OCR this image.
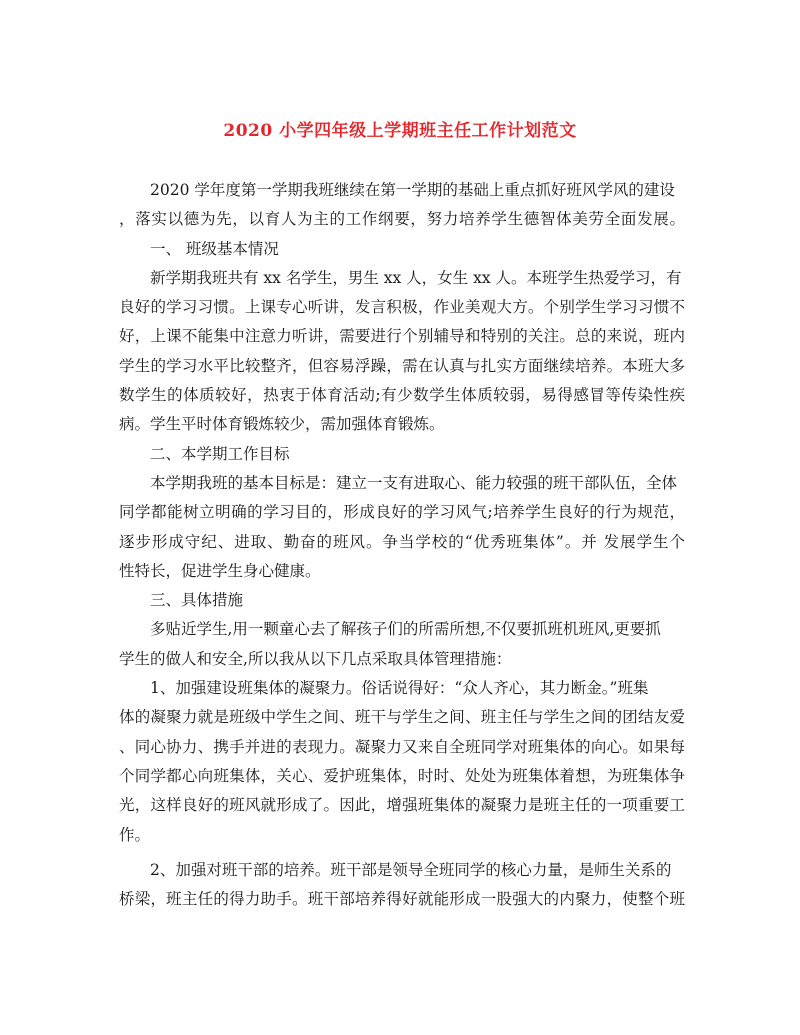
2020 小学四年级上学期班主任工作计划范文
2020 学年度第一学期我班继续在第一学期的基础上重点抓好班风学风的建设
，落实以德为先，以育人为主的工作纲要，努力培养学生德智体美劳全面发展。
一、 班级基本情况
新学期我班共有 xx 名学生，男生 xx 人，女生 xx 人。本班学生热爱学习，有
良好的学习习惯。上课专心听讲，发言积极，作业美观大方。个别学生学习习惯不
好，上课不能集中注意力听讲，需要进行个别辅导和特别的关注。总的来说，班内
学生的学习水平比较整齐，但容易浮躁，需在认真与扎实方面继续培养。本班大多
数学生的体质较好，热衷于体育活动;有少数学生体质较弱，易得感冒等传染性疾
病。学生平时体育锻炼较少，需加强体育锻炼。
二、本学期工作目标
本学期我班的基本目标是：建立一支有进取心、能力较强的班干部队伍，全体
同学都能树立明确的学习目的，形成良好的学习风气;培养学生良好的行为规范，
逐步形成守纪、进取、勤奋的班风。争当学校的“优秀班集体”。并 发展学生个
性特长，促进学生身心健康。
三、具体措施
多贴近学生,用一颗童心去了解孩子们的所需所想,不仅要抓班机班风,更要抓
学生的做人和安全,所以我从以下几点采取具体管理措施：
1、加强建设班集体的凝聚力。俗话说得好：“众人齐心，其力断金。”班集
体的凝聚力就是班级中学生之间、班干与学生之间、班主任与学生之间的团结友爱
、同心协力、携手并进的表现力。凝聚力又来自全班同学对班集体的向心。如果每
个同学都心向班集体，关心、爱护班集体，时时、处处为班集体着想，为班集体争
光，这样良好的班风就形成了。因此，增强班集体的凝聚力是班主任的一项重要工
作。
2、加强对班干部的培养。班干部是领导全班同学的核心力量，是师生关系的
桥梁，班主任的得力助手。班干部培养得好就能形成一股强大的内聚力，使整个班
